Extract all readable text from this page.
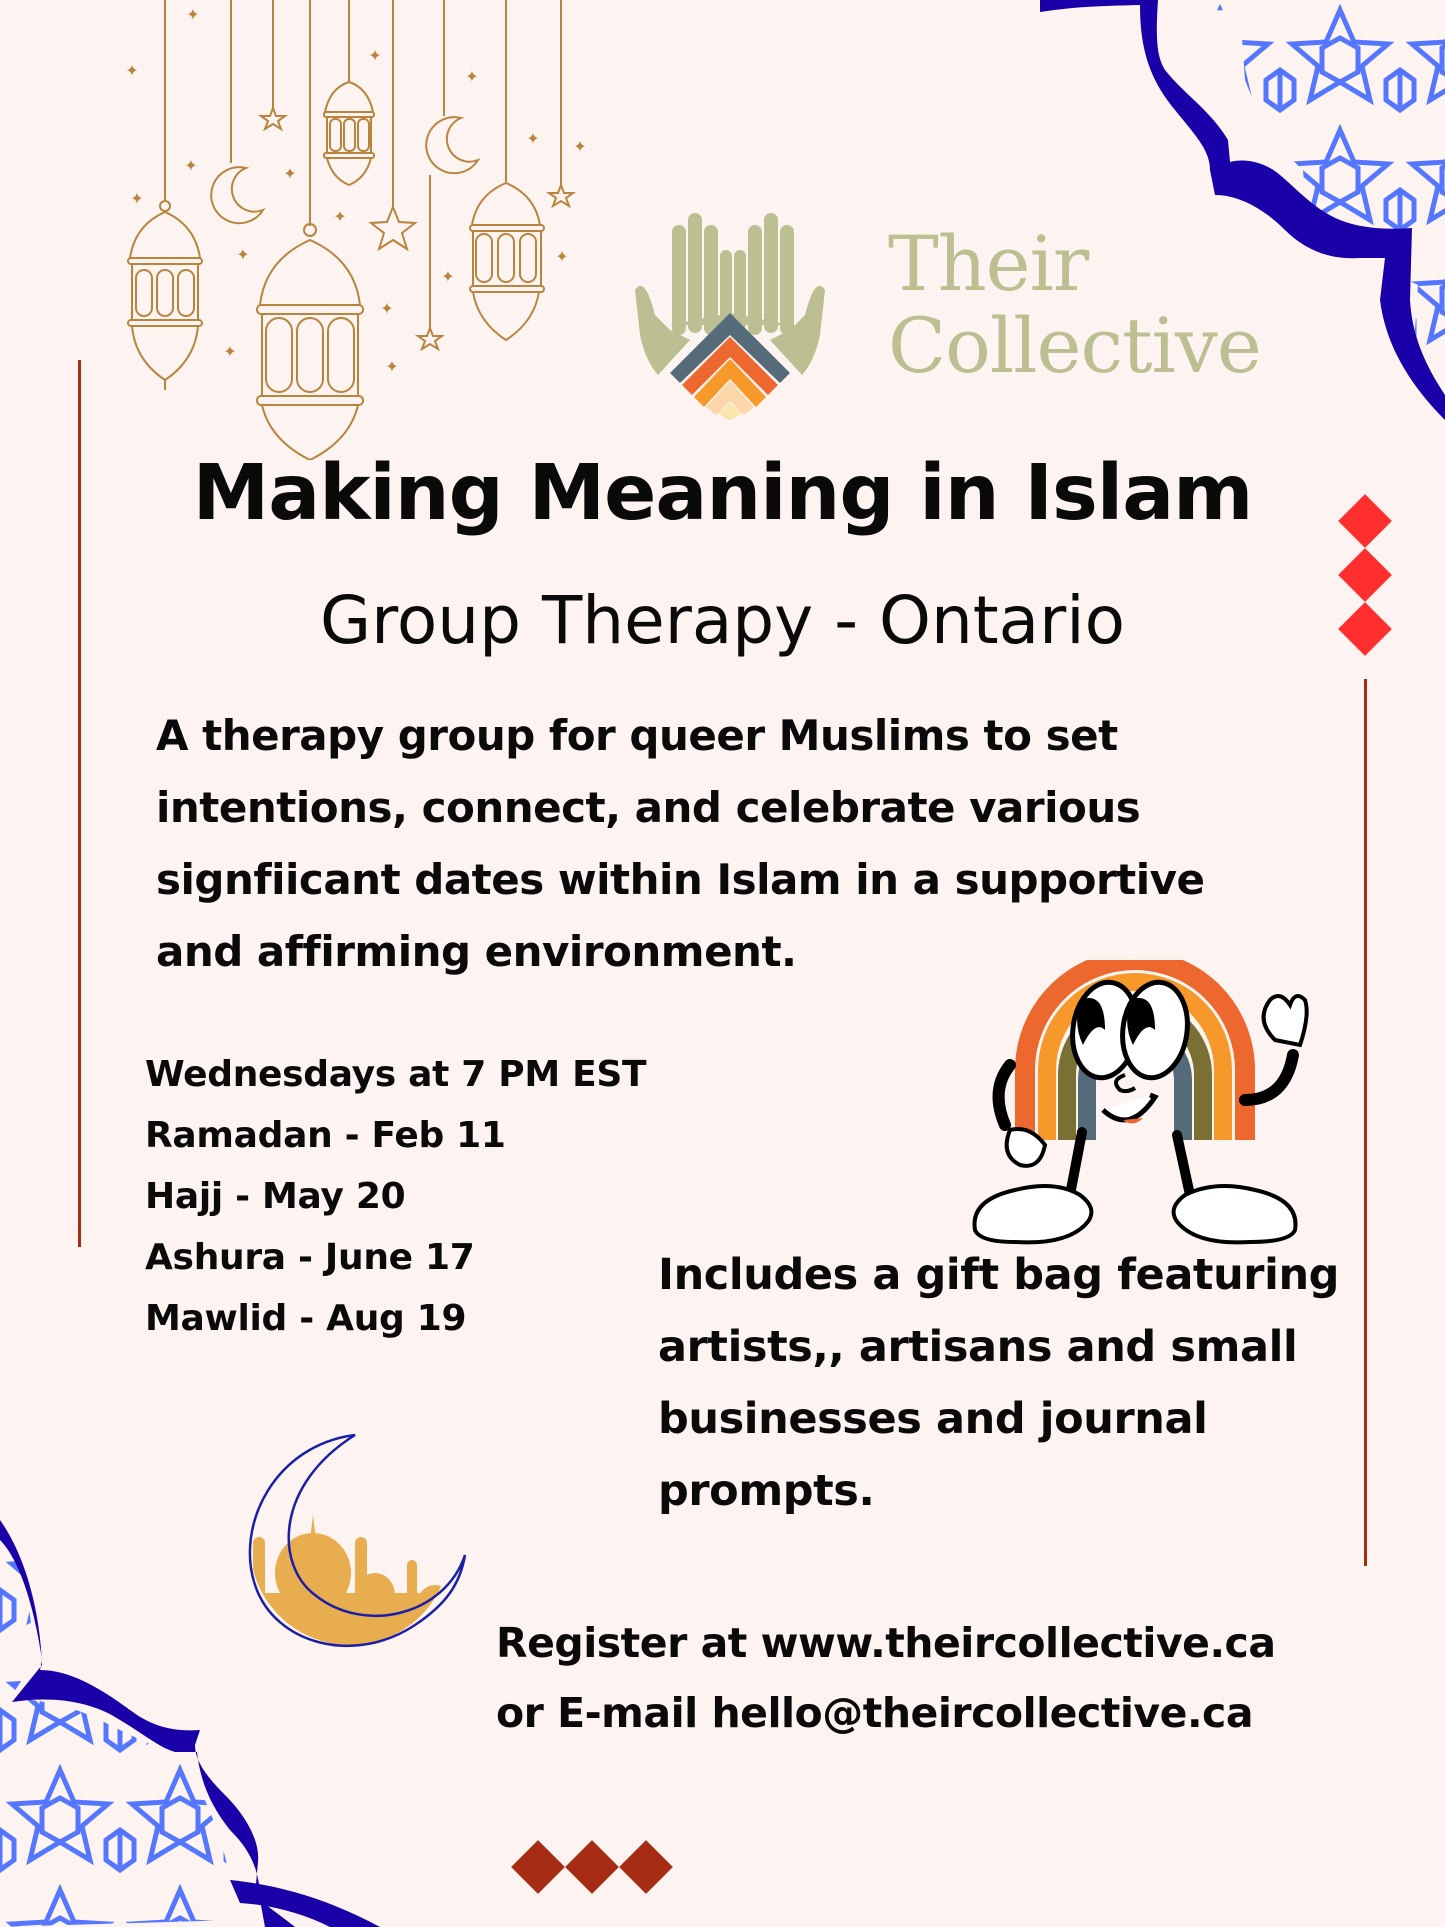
✦
✦
✦
✦
✦
✦
✦
✦
✦
✦
✦
✦
✦
✦ ✦
✦	Their
Collective
Making Meaning in Islam
Group Therapy - Ontario
A therapy group for queer Muslims to set
intentions, connect, and celebrate various
signfiicant dates within Islam in a supportive
and affirming environment.
Wednesdays at 7 PM EST
Ramadan - Feb 11
Hajj - May 20
Ashura - June 17
Mawlid - Aug 19
Includes a gift bag featuring
artists,, artisans and small
businesses and journal
prompts.
Register at www.theircollective.ca
or E-mail hello@theircollective.ca
